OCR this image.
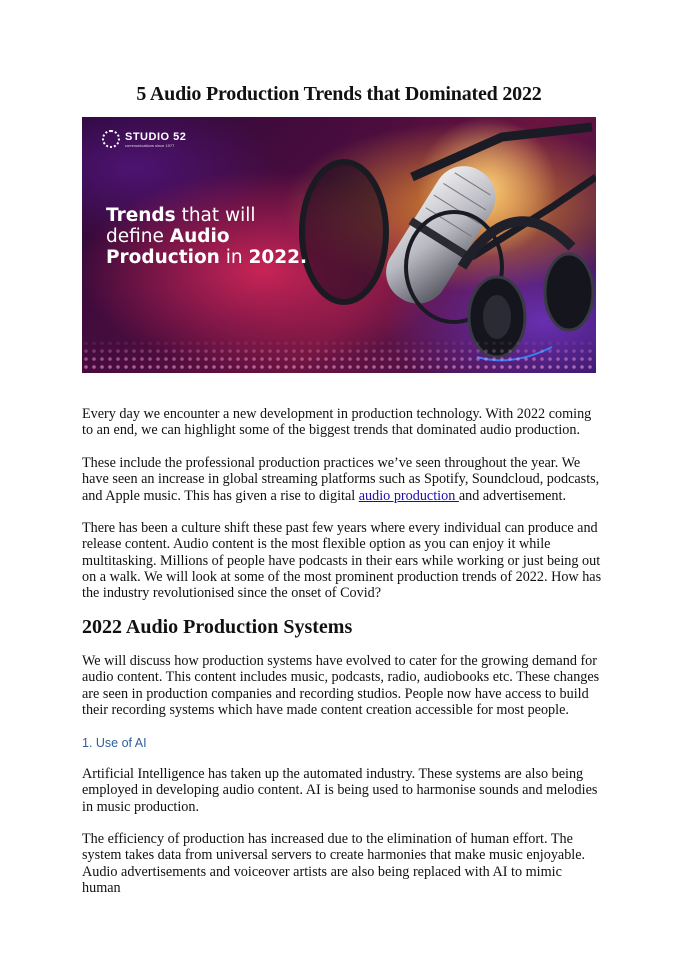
5 Audio Production Trends that Dominated 2022
STUDIO 52
communications since 1977
Trends that will
define Audio
Production in 2022.

Every day we encounter a new development in production technology. With 2022 coming to an end, we can highlight some of the biggest trends that dominated audio production.

These include the professional production practices we’ve seen throughout the year. We have seen an increase in global streaming platforms such as Spotify, Soundcloud, podcasts, and Apple music. This has given a rise to digital audio production and advertisement.

There has been a culture shift these past few years where every individual can produce and release content. Audio content is the most flexible option as you can enjoy it while multitasking. Millions of people have podcasts in their ears while working or just being out on a walk. We will look at some of the most prominent production trends of 2022. How has the industry revolutionised since the onset of Covid?

2022 Audio Production Systems

We will discuss how production systems have evolved to cater for the growing demand for audio content. This content includes music, podcasts, radio, audiobooks etc. These changes are seen in production companies and recording studios. People now have access to build their recording systems which have made content creation accessible for most people.

1. Use of AI

Artificial Intelligence has taken up the automated industry. These systems are also being employed in developing audio content. AI is being used to harmonise sounds and melodies in music production.

The efficiency of production has increased due to the elimination of human effort. The system takes data from universal servers to create harmonies that make music enjoyable. Audio advertisements and voiceover artists are also being replaced with AI to mimic human
